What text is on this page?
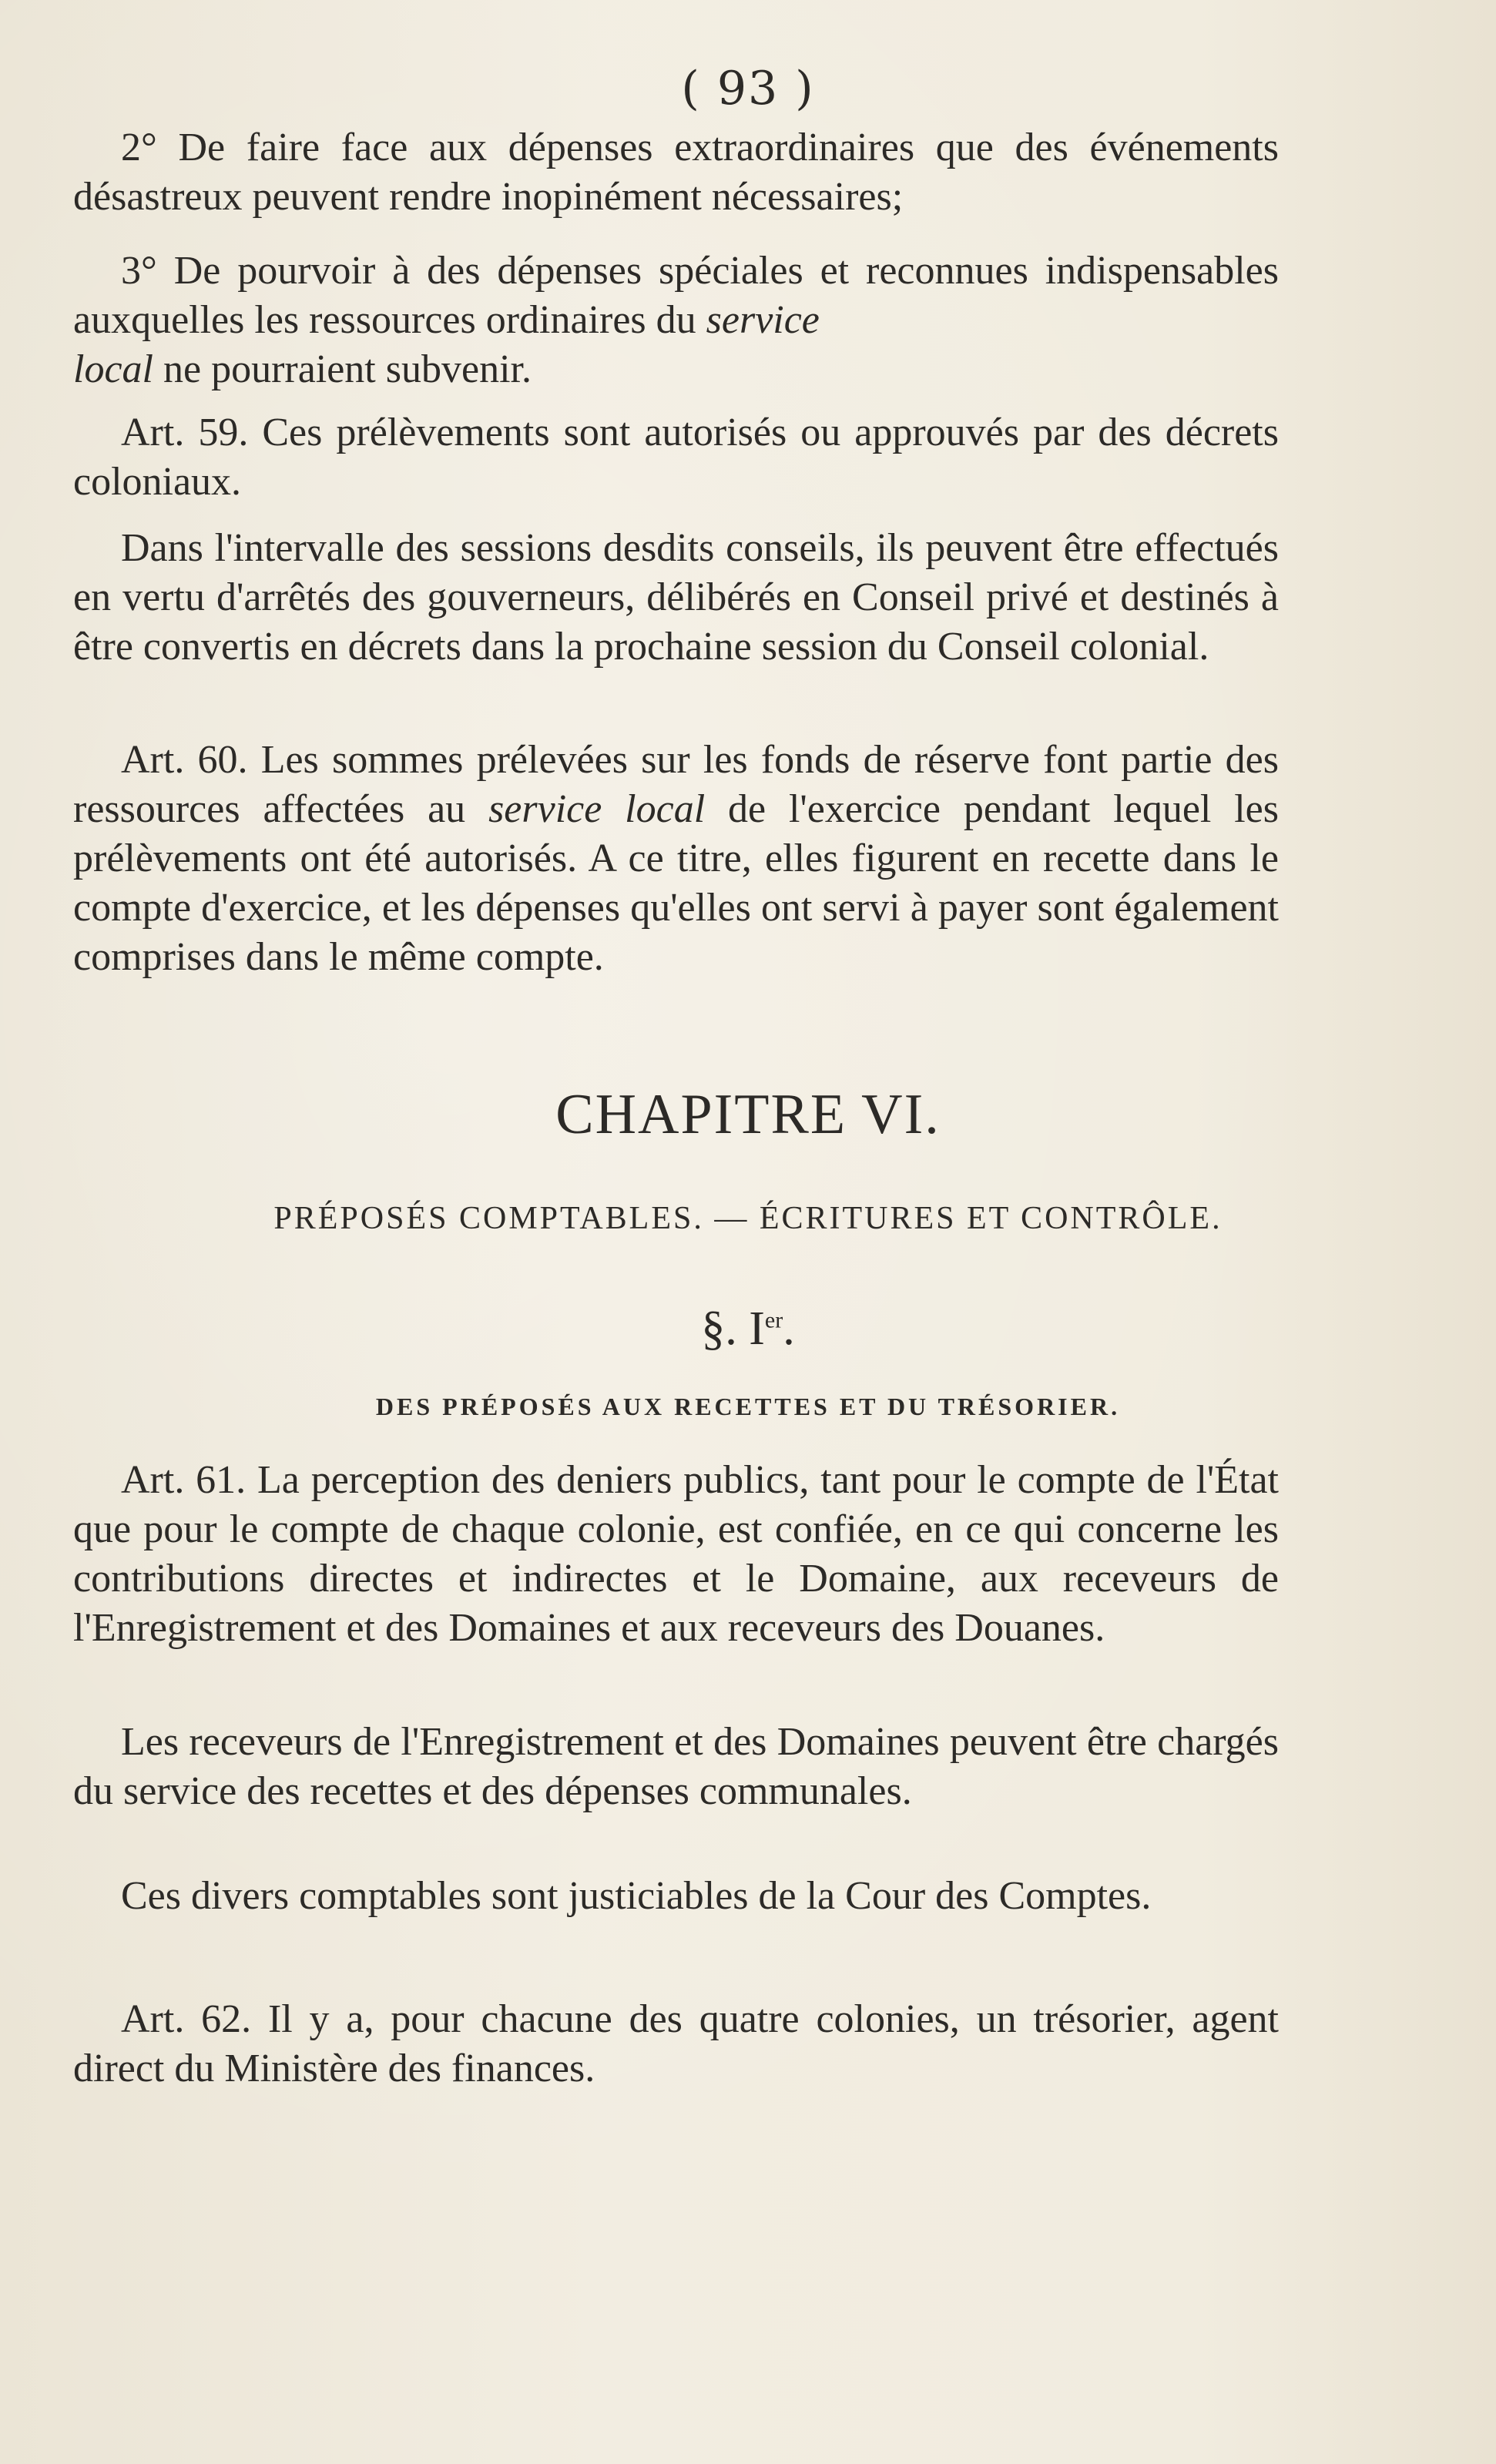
( 93 )

2° De faire face aux dépenses extraordinaires que des événements désastreux peuvent rendre inopinément nécessaires;

3° De pourvoir à des dépenses spéciales et reconnues indispensables auxquelles les ressources ordinaires du service
local ne pourraient subvenir.

Art. 59. Ces prélèvements sont autorisés ou approuvés par des décrets coloniaux.

Dans l'intervalle des sessions desdits conseils, ils peuvent être effectués en vertu d'arrêtés des gouverneurs, délibérés en Conseil privé et destinés à être convertis en décrets dans la prochaine session du Conseil colonial.

Art. 60. Les sommes prélevées sur les fonds de réserve font partie des ressources affectées au service local de l'exercice pendant lequel les prélèvements ont été autorisés. A ce titre, elles figurent en recette dans le compte d'exercice, et les dépenses qu'elles ont servi à payer sont également comprises dans le même compte.

CHAPITRE VI.
PRÉPOSÉS COMPTABLES. — ÉCRITURES ET CONTRÔLE.
§. Ier.
DES PRÉPOSÉS AUX RECETTES ET DU TRÉSORIER.

Art. 61. La perception des deniers publics, tant pour le compte de l'État que pour le compte de chaque colonie, est confiée, en ce qui concerne les contributions directes et indirectes et le Domaine, aux receveurs de l'Enregistrement et des Domaines et aux receveurs des Douanes.

Les receveurs de l'Enregistrement et des Domaines peuvent être chargés du service des recettes et des dépenses communales.

Ces divers comptables sont justiciables de la Cour des Comptes.

Art. 62. Il y a, pour chacune des quatre colonies, un trésorier, agent direct du Ministère des finances.
